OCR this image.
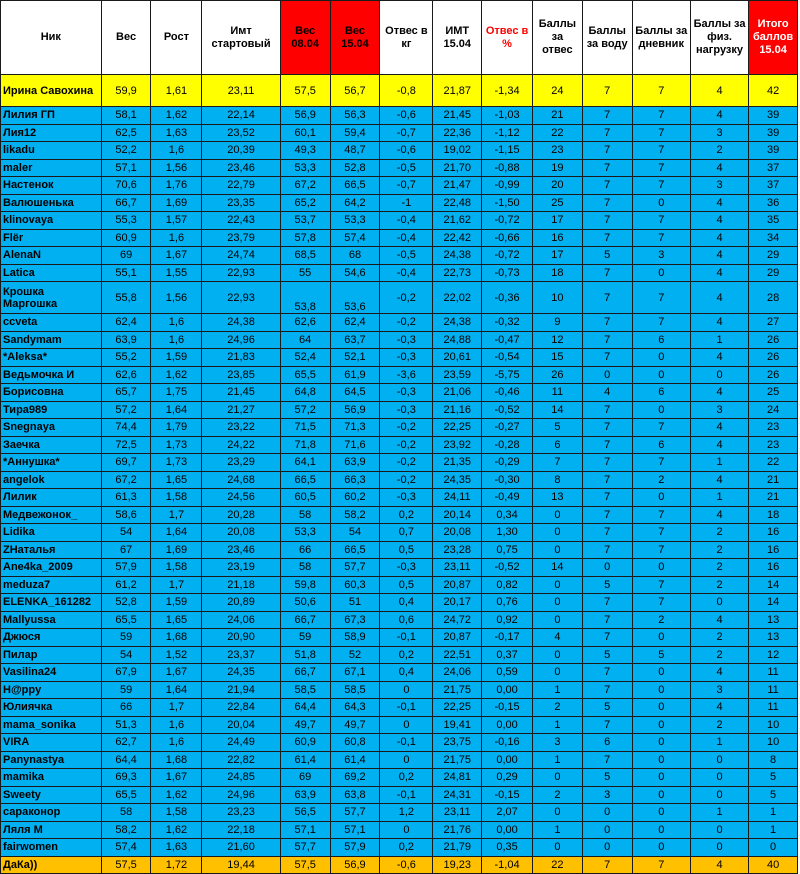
Ник	Вес	Рост	Имт стартовый	Вес 08.04	Вес 15.04	Отвес в кг	ИМТ 15.04	Отвес в %	Баллы за отвес	Баллы за воду	Баллы за дневник	Баллы за физ. нагрузку	Итого баллов 15.04
Ирина Савохина	59,9	1,61	23,11	57,5	56,7	-0,8	21,87	-1,34	24	7	7	4	42
Лилия ГП	58,1	1,62	22,14	56,9	56,3	-0,6	21,45	-1,03	21	7	7	4	39
Лия12	62,5	1,63	23,52	60,1	59,4	-0,7	22,36	-1,12	22	7	7	3	39
likadu	52,2	1,6	20,39	49,3	48,7	-0,6	19,02	-1,15	23	7	7	2	39
maler	57,1	1,56	23,46	53,3	52,8	-0,5	21,70	-0,88	19	7	7	4	37
Настенок	70,6	1,76	22,79	67,2	66,5	-0,7	21,47	-0,99	20	7	7	3	37
Валюшенька	66,7	1,69	23,35	65,2	64,2	-1	22,48	-1,50	25	7	0	4	36
klinovaya	55,3	1,57	22,43	53,7	53,3	-0,4	21,62	-0,72	17	7	7	4	35
Flёr	60,9	1,6	23,79	57,8	57,4	-0,4	22,42	-0,66	16	7	7	4	34
AlenaN	69	1,67	24,74	68,5	68	-0,5	24,38	-0,72	17	5	3	4	29
Latica	55,1	1,55	22,93	55	54,6	-0,4	22,73	-0,73	18	7	0	4	29
Крошка Маргошка	55,8	1,56	22,93	53,8	53,6	-0,2	22,02	-0,36	10	7	7	4	28
ccveta	62,4	1,6	24,38	62,6	62,4	-0,2	24,38	-0,32	9	7	7	4	27
Sandymam	63,9	1,6	24,96	64	63,7	-0,3	24,88	-0,47	12	7	6	1	26
*Aleksa*	55,2	1,59	21,83	52,4	52,1	-0,3	20,61	-0,54	15	7	0	4	26
Ведьмочка И	62,6	1,62	23,85	65,5	61,9	-3,6	23,59	-5,75	26	0	0	0	26
Борисовна	65,7	1,75	21,45	64,8	64,5	-0,3	21,06	-0,46	11	4	6	4	25
Тира989	57,2	1,64	21,27	57,2	56,9	-0,3	21,16	-0,52	14	7	0	3	24
Snegnaya	74,4	1,79	23,22	71,5	71,3	-0,2	22,25	-0,27	5	7	7	4	23
Заечка	72,5	1,73	24,22	71,8	71,6	-0,2	23,92	-0,28	6	7	6	4	23
*Аннушка*	69,7	1,73	23,29	64,1	63,9	-0,2	21,35	-0,29	7	7	7	1	22
angelok	67,2	1,65	24,68	66,5	66,3	-0,2	24,35	-0,30	8	7	2	4	21
Лилик	61,3	1,58	24,56	60,5	60,2	-0,3	24,11	-0,49	13	7	0	1	21
Медвежонок_	58,6	1,7	20,28	58	58,2	0,2	20,14	0,34	0	7	7	4	18
Lidika	54	1,64	20,08	53,3	54	0,7	20,08	1,30	0	7	7	2	16
ZНаталья	67	1,69	23,46	66	66,5	0,5	23,28	0,75	0	7	7	2	16
Ane4ka_2009	57,9	1,58	23,19	58	57,7	-0,3	23,11	-0,52	14	0	0	2	16
meduza7	61,2	1,7	21,18	59,8	60,3	0,5	20,87	0,82	0	5	7	2	14
ELENKA_161282	52,8	1,59	20,89	50,6	51	0,4	20,17	0,76	0	7	7	0	14
Mallyussa	65,5	1,65	24,06	66,7	67,3	0,6	24,72	0,92	0	7	2	4	13
Джюся	59	1,68	20,90	59	58,9	-0,1	20,87	-0,17	4	7	0	2	13
Пилар	54	1,52	23,37	51,8	52	0,2	22,51	0,37	0	5	5	2	12
Vasilina24	67,9	1,67	24,35	66,7	67,1	0,4	24,06	0,59	0	7	0	4	11
H@ppy	59	1,64	21,94	58,5	58,5	0	21,75	0,00	1	7	0	3	11
Юлиячка	66	1,7	22,84	64,4	64,3	-0,1	22,25	-0,15	2	5	0	4	11
mama_sonika	51,3	1,6	20,04	49,7	49,7	0	19,41	0,00	1	7	0	2	10
VIRA	62,7	1,6	24,49	60,9	60,8	-0,1	23,75	-0,16	3	6	0	1	10
Panynastya	64,4	1,68	22,82	61,4	61,4	0	21,75	0,00	1	7	0	0	8
mamika	69,3	1,67	24,85	69	69,2	0,2	24,81	0,29	0	5	0	0	5
Sweety	65,5	1,62	24,96	63,9	63,8	-0,1	24,31	-0,15	2	3	0	0	5
сараконор	58	1,58	23,23	56,5	57,7	1,2	23,11	2,07	0	0	0	1	1
Ляля М	58,2	1,62	22,18	57,1	57,1	0	21,76	0,00	1	0	0	0	1
fairwomen	57,4	1,63	21,60	57,7	57,9	0,2	21,79	0,35	0	0	0	0	0
ДаКа))	57,5	1,72	19,44	57,5	56,9	-0,6	19,23	-1,04	22	7	7	4	40
